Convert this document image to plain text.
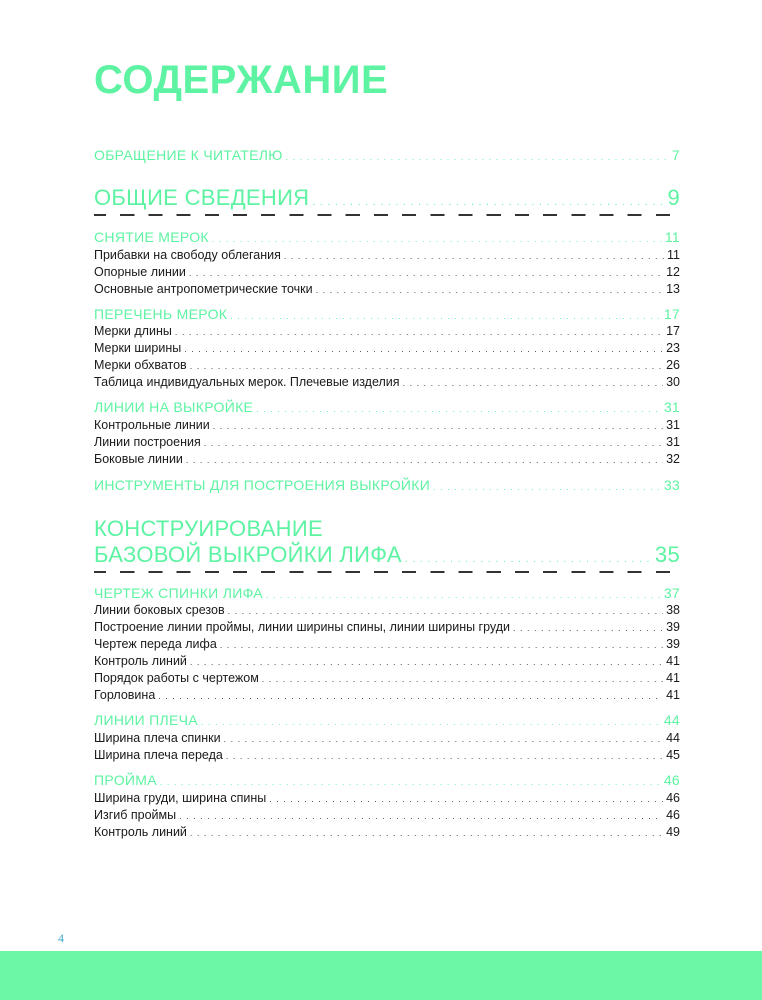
СОДЕРЖАНИЕ
ОБРАЩЕНИЕ К ЧИТАТЕЛЮ . . .	7
ОБЩИЕ СВЕДЕНИЯ . . .	9
СНЯТИЕ МЕРОК . . .	11
Прибавки на свободу облегания . . .	11
Опорные линии . . .	12
Основные антропометрические точки . . .	13
ПЕРЕЧЕНЬ МЕРОК . . .	17
Мерки длины . . .	17
Мерки ширины . . .	23
Мерки обхватов . . .	26
Таблица индивидуальных мерок. Плечевые изделия . . .	30
ЛИНИИ НА ВЫКРОЙКЕ . . .	31
Контрольные линии . . .	31
Линии построения . . .	31
Боковые линии . . .	32
ИНСТРУМЕНТЫ ДЛЯ ПОСТРОЕНИЯ ВЫКРОЙКИ . . .	33
КОНСТРУИРОВАНИЕ
БАЗОВОЙ ВЫКРОЙКИ ЛИФА . . .	35
ЧЕРТЕЖ СПИНКИ ЛИФА . . .	37
Линии боковых срезов . . .	38
Построение линии проймы, линии ширины спины, линии ширины груди . . .	39
Чертеж переда лифа . . .	39
Контроль линий . . .	41
Порядок работы с чертежом . . .	41
Горловина . . .	41
ЛИНИИ ПЛЕЧА . . .	44
Ширина плеча спинки . . .	44
Ширина плеча переда . . .	45
ПРОЙМА . . .	46
Ширина груди, ширина спины . . .	46
Изгиб проймы . . .	46
Контроль линий . . .	49
4
